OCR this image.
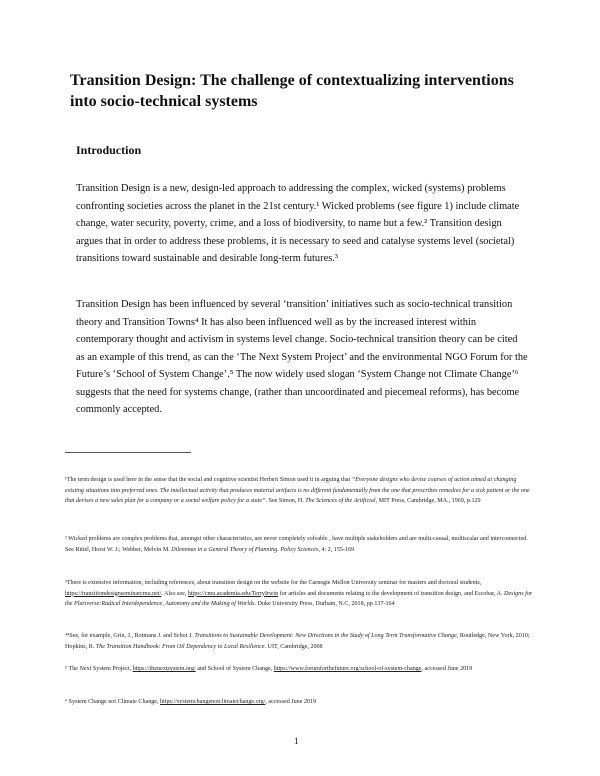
Transition Design: The challenge of contextualizing interventions into socio-technical systems
Introduction

Transition Design is a new, design-led approach to addressing the complex, wicked (systems) problems confronting societies across the planet in the 21st century.¹ Wicked problems (see figure 1) include climate change, water security, poverty, crime, and a loss of biodiversity, to name but a few.² Transition design argues that in order to address these problems, it is necessary to seed and catalyse systems level (societal) transitions toward sustainable and desirable long-term futures.³

Transition Design has been influenced by several ‘transition’ initiatives such as socio-technical transition theory and Transition Towns⁴ It has also been influenced well as by the increased interest within contemporary thought and activism in systems level change. Socio-technical transition theory can be cited as an example of this trend, as can the ‘The Next System Project’ and the environmental NGO Forum for the Future’s ‘School of System Change’.⁵ The now widely used slogan ‘System Change not Climate Change’⁶ suggests that the need for systems change, (rather than uncoordinated and piecemeal reforms), has become commonly accepted.

¹The term design is used here in the sense that the social and cognitive scientist Herbert Simon used it in arguing that “Everyone designs who devise courses of action aimed at changing existing situations into preferred ones. The intellectual activity that produces material artifacts is no different fundamentally from the one that prescribes remedies for a sick patient or the one that devises a new sales plan for a company or a social welfare policy for a state”. See Simon, H. The Sciences of the Artificial, MIT Press, Cambridge, MA., 1969, p.129

² Wicked problems are complex problems that, amongst other characteristics, are never completely solvable , have multiple stakeholders and are multi-causal, multiscalar and interconnected. See Rittel, Horst W. J.; Webber, Melvin M. Dilemmas in a General Theory of Planning. Policy Sciences, 4: 2, 155-169

³There is extensive information, including references, about transition design on the website for the Carnegie Mellon University seminar for masters and doctoral students, https://transitiondesignseminarcmu.net/. Also see, https://cmu.academia.edu/TerryIrwin for articles and documents relating to the development of transition design, and Escobar, A. Designs for the Pluriverse:Radical Interdependence, Autonomy and the Making of Worlds. Duke University Press, Durham, N.C, 2018, pp.137-164

⁴⁴See, for example, Grin, J., Rotmans J. and Schot J. Transitions to Sustainable Development: New Directions in the Study of Long Term Transformative Change, Routledge, New York, 2010; Hopkins, R. The Transition Handbook: From Oil Dependency to Local Resilience. UIT, Cambridge, 2008

⁵ The Next System Project, https://thenextsystem.org/ and School of System Change, https://www.forumforthefuture.org/school-of-system-change, accessed June 2019

⁶ System Change not Climate Change, https://systemchangenotclimatechange.org/, accessed June 2019

1
